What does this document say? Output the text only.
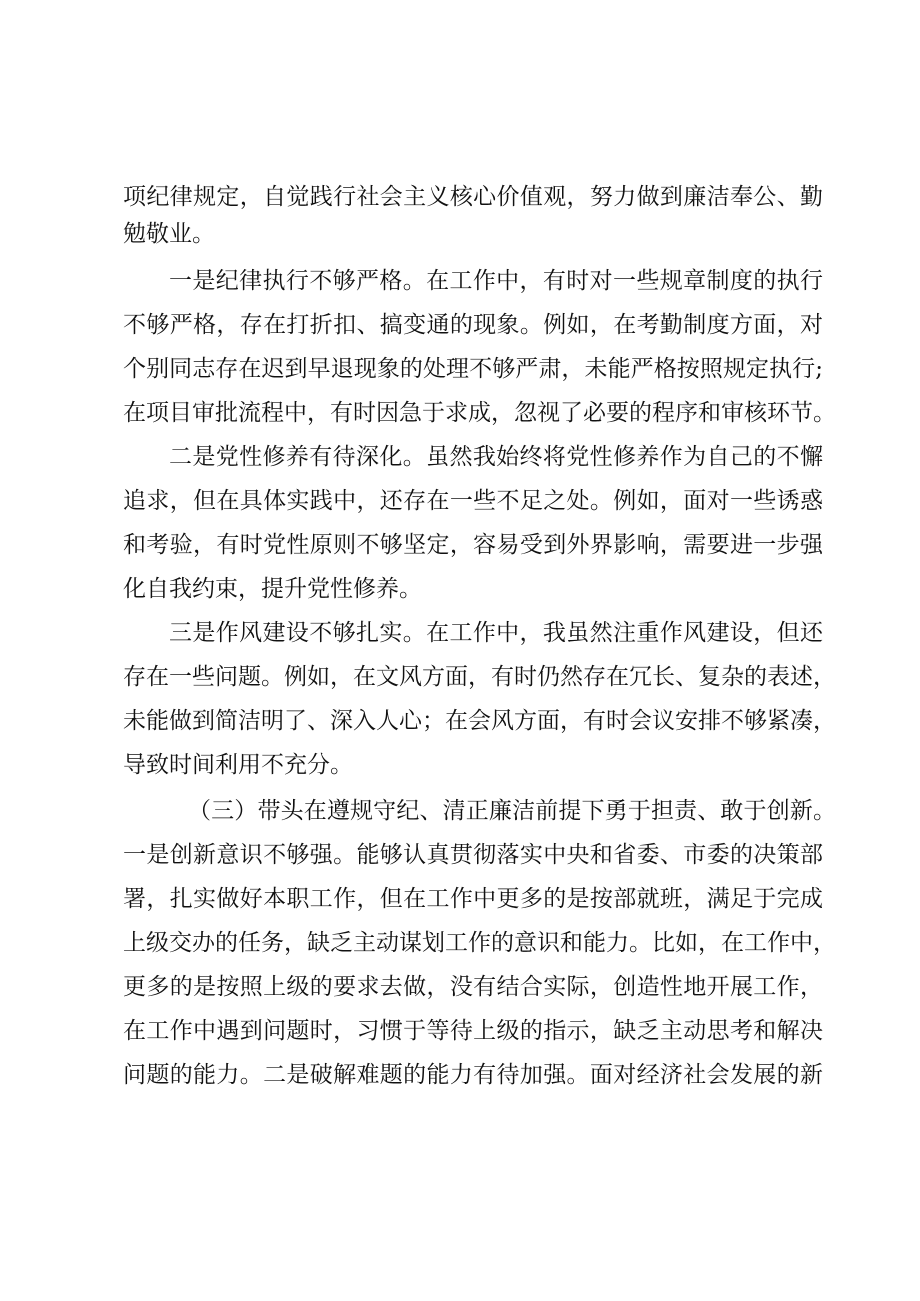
项纪律规定，自觉践行社会主义核心价值观，努力做到廉洁奉公、勤
勉敬业。
一是纪律执行不够严格。在工作中，有时对一些规章制度的执行
不够严格，存在打折扣、搞变通的现象。例如，在考勤制度方面，对
个别同志存在迟到早退现象的处理不够严肃，未能严格按照规定执行;
在项目审批流程中，有时因急于求成，忽视了必要的程序和审核环节。
二是党性修养有待深化。虽然我始终将党性修养作为自己的不懈
追求，但在具体实践中，还存在一些不足之处。例如，面对一些诱惑
和考验，有时党性原则不够坚定，容易受到外界影响，需要进一步强
化自我约束，提升党性修养。
三是作风建设不够扎实。在工作中，我虽然注重作风建设，但还
存在一些问题。例如，在文风方面，有时仍然存在冗长、复杂的表述，
未能做到简洁明了、深入人心；在会风方面，有时会议安排不够紧凑，
导致时间利用不充分。
（三）带头在遵规守纪、清正廉洁前提下勇于担责、敢于创新。
一是创新意识不够强。能够认真贯彻落实中央和省委、市委的决策部
署，扎实做好本职工作，但在工作中更多的是按部就班，满足于完成
上级交办的任务，缺乏主动谋划工作的意识和能力。比如，在工作中，
更多的是按照上级的要求去做，没有结合实际，创造性地开展工作，
在工作中遇到问题时，习惯于等待上级的指示，缺乏主动思考和解决
问题的能力。二是破解难题的能力有待加强。面对经济社会发展的新
